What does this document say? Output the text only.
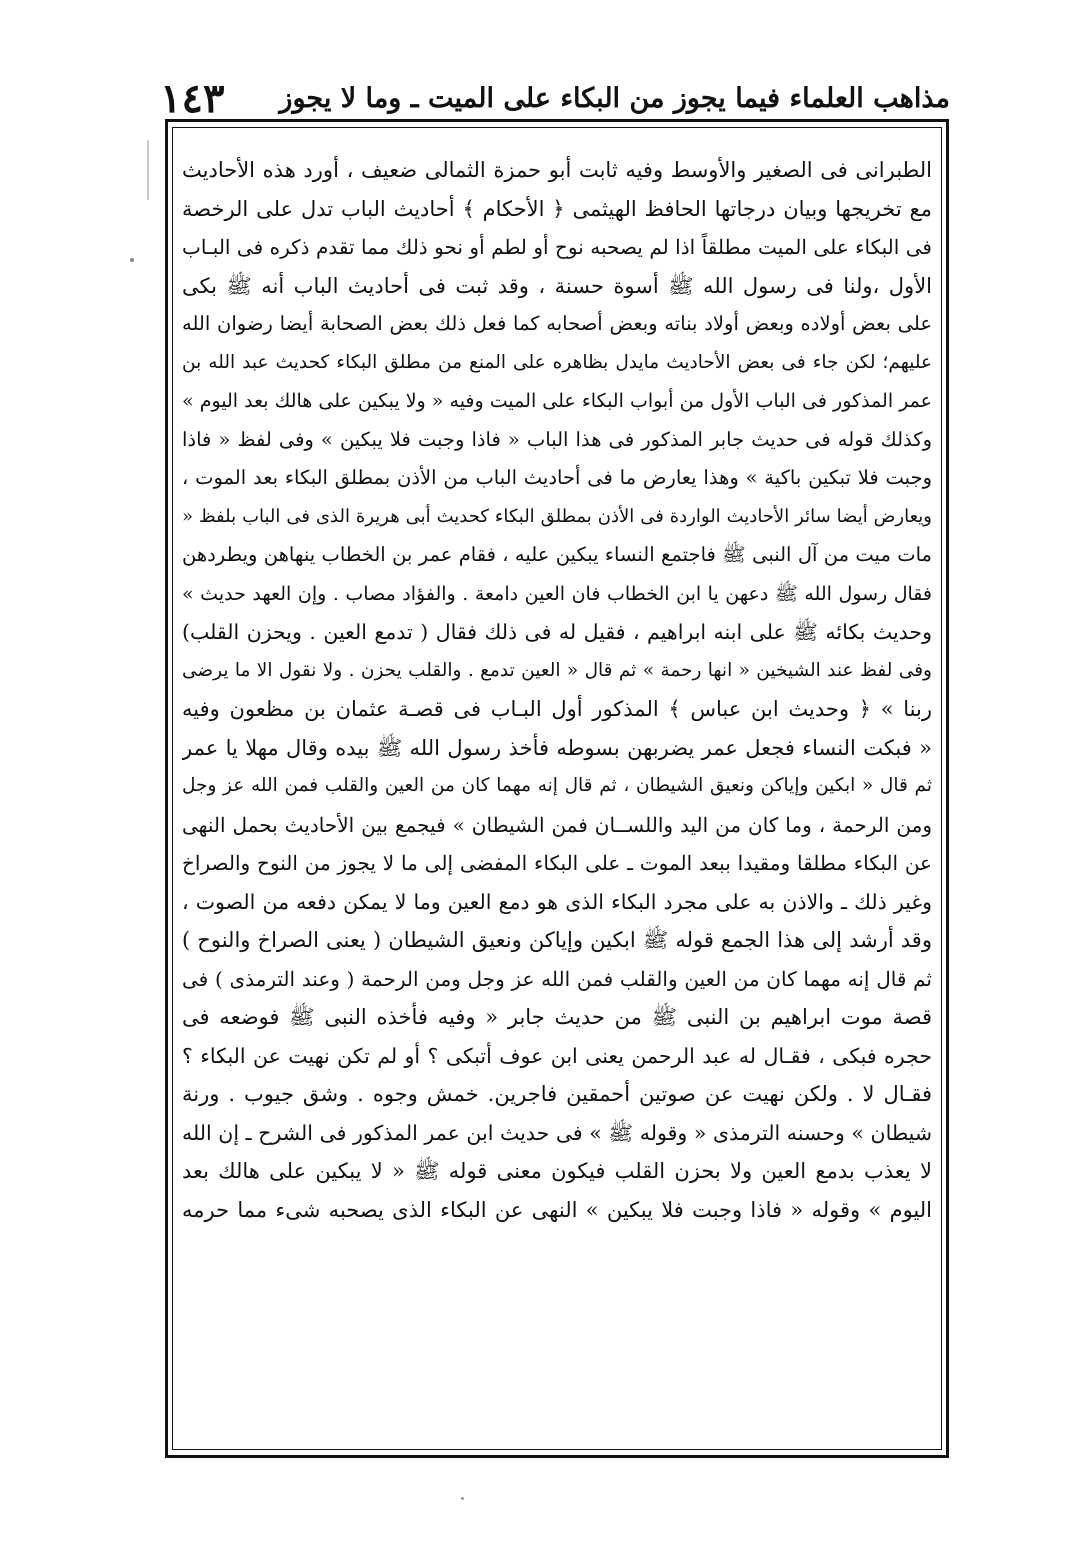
مذاهب العلماء فيما يجوز من البكاء على الميت ـ وما لا يجوز
١٤٣
الطبرانى فى الصغير والأوسط وفيه ثابت أبو حمزة الثمالى ضعيف ، أورد هذه الأحاديث
مع تخريجها وبيان درجاتها الحافظ الهيثمى ﴿ الأحكام ﴾ أحاديث الباب تدل على الرخصة
فى البكاء على الميت مطلقاً اذا لم يصحبه نوح أو لطم أو نحو ذلك مما تقدم ذكره فى البـاب
الأول ،ولنا فى رسول الله ﷺ أسوة حسنة ، وقد ثبت فى أحاديث الباب أنه ﷺ بكى
على بعض أولاده وبعض أولاد بناته وبعض أصحابه كما فعل ذلك بعض الصحابة أيضا رضوان الله
عليهم؛ لكن جاء فى بعض الأحاديث مايدل بظاهره على المنع من مطلق البكاء كحديث عبد الله بن
عمر المذكور فى الباب الأول من أبواب البكاء على الميت وفيه « ولا يبكين على هالك بعد اليوم »
وكذلك قوله فى حديث جابر المذكور فى هذا الباب « فاذا وجبت فلا يبكين » وفى لفظ « فاذا
وجبت فلا تبكين باكية » وهذا يعارض ما فى أحاديث الباب من الأذن بمطلق البكاء بعد الموت ،
ويعارض أيضا سائر الأحاديث الواردة فى الأذن بمطلق البكاء كحديث أبى هريرة الذى فى الباب بلفظ «
مات ميت من آل النبى ﷺ فاجتمع النساء يبكين عليه ، فقام عمر بن الخطاب ينهاهن ويطردهن
فقال رسول الله ﷺ دعهن يا ابن الخطاب فان العين دامعة . والفؤاد مصاب . وإن العهد حديث »
وحديث بكائه ﷺ على ابنه ابراهيم ، فقيل له فى ذلك فقال ( تدمع العين . ويحزن القلب)
وفى لفظ عند الشيخين « انها رحمة » ثم قال « العين تدمع . والقلب يحزن . ولا نقول الا ما يرضى
ربنا » ﴿ وحديث ابن عباس ﴾ المذكور أول البـاب فى قصـة عثمان بن مظعون وفيه
« فبكت النساء فجعل عمر يضربهن بسوطه فأخذ رسول الله ﷺ بيده وقال مهلا يا عمر
ثم قال « ابكين وإياكن ونعيق الشيطان ، ثم قال إنه مهما كان من العين والقلب فمن الله عز وجل
ومن الرحمة ، وما كان من اليد واللســان فمن الشيطان » فيجمع بين الأحاديث بحمل النهى
عن البكاء مطلقا ومقيدا ببعد الموت ـ على البكاء المفضى إلى ما لا يجوز من النوح والصراخ
وغير ذلك ـ والاذن به على مجرد البكاء الذى هو دمع العين وما لا يمكن دفعه من الصوت ،
وقد أرشد إلى هذا الجمع قوله ﷺ ابكين وإياكن ونعيق الشيطان ( يعنى الصراخ والنوح )
ثم قال إنه مهما كان من العين والقلب فمن الله عز وجل ومن الرحمة ( وعند الترمذى ) فى
قصة موت ابراهيم بن النبى ﷺ من حديث جابر « وفيه فأخذه النبى ﷺ فوضعه فى
حجره فبكى ، فقـال له عبد الرحمن يعنى ابن عوف أتبكى ؟ أو لم تكن نهيت عن البكاء ؟
فقـال لا . ولكن نهيت عن صوتين أحمقين فاجرين. خمش وجوه . وشق جيوب . ورنة
شيطان » وحسنه الترمذى « وقوله ﷺ » فى حديث ابن عمر المذكور فى الشرح ـ إن الله
لا يعذب بدمع العين ولا بحزن القلب فيكون معنى قوله ﷺ « لا يبكين على هالك بعد
اليوم » وقوله « فاذا وجبت فلا يبكين » النهى عن البكاء الذى يصحبه شىء مما حرمه
